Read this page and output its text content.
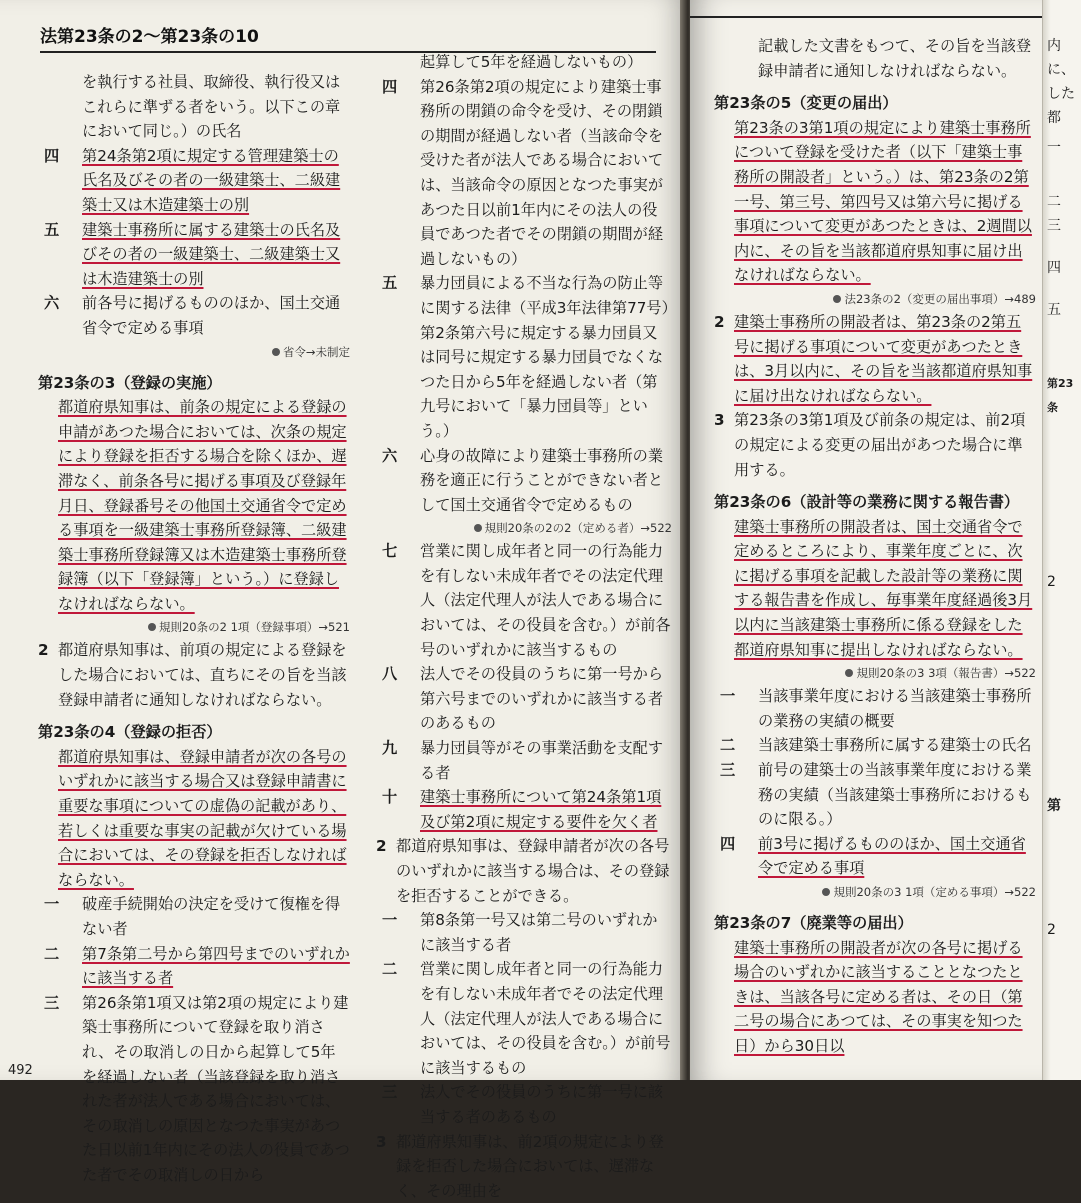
法第23条の2～第23条の10
を執行する社員、取締役、執行役又はこれらに準ずる者をいう。以下この章において同じ。）の氏名
四	第24条第2項に規定する管理建築士の氏名及びその者の一級建築士、二級建築士又は木造建築士の別
五	建築士事務所に属する建築士の氏名及びその者の一級建築士、二級建築士又は木造建築士の別
六	前各号に掲げるもののほか、国土交通省令で定める事項
省令→未制定
第23条の3（登録の実施）
都道府県知事は、前条の規定による登録の申請があつた場合においては、次条の規定により登録を拒否する場合を除くほか、遅滞なく、前条各号に掲げる事項及び登録年月日、登録番号その他国土交通省令で定める事項を一級建築士事務所登録簿、二級建築士事務所登録簿又は木造建築士事務所登録簿（以下「登録簿」という。）に登録しなければならない。
規則20条の2 1項（登録事項）→521
2 都道府県知事は、前項の規定による登録をした場合においては、直ちにその旨を当該登録申請者に通知しなければならない。
第23条の4（登録の拒否）
都道府県知事は、登録申請者が次の各号のいずれかに該当する場合又は登録申請書に重要な事項についての虚偽の記載があり、若しくは重要な事実の記載が欠けている場合においては、その登録を拒否しなければならない。
一	破産手続開始の決定を受けて復権を得ない者
二	第7条第二号から第四号までのいずれかに該当する者
三	第26条第1項又は第2項の規定により建築士事務所について登録を取り消され、その取消しの日から起算して5年を経過しない者（当該登録を取り消された者が法人である場合においては、その取消しの原因となつた事実があつた日以前1年内にその法人の役員であつた者でその取消しの日から
起算して5年を経過しないもの）
四	第26条第2項の規定により建築士事務所の閉鎖の命令を受け、その閉鎖の期間が経過しない者（当該命令を受けた者が法人である場合においては、当該命令の原因となつた事実があつた日以前1年内にその法人の役員であつた者でその閉鎖の期間が経過しないもの）
五	暴力団員による不当な行為の防止等に関する法律（平成3年法律第77号）第2条第六号に規定する暴力団員又は同号に規定する暴力団員でなくなつた日から5年を経過しない者（第九号において「暴力団員等」という。）
六	心身の故障により建築士事務所の業務を適正に行うことができない者として国土交通省令で定めるもの
規則20条の2の2（定める者）→522
七	営業に関し成年者と同一の行為能力を有しない未成年者でその法定代理人（法定代理人が法人である場合においては、その役員を含む。）が前各号のいずれかに該当するもの
八	法人でその役員のうちに第一号から第六号までのいずれかに該当する者のあるもの
九	暴力団員等がその事業活動を支配する者
十	建築士事務所について第24条第1項及び第2項に規定する要件を欠く者
2 都道府県知事は、登録申請者が次の各号のいずれかに該当する場合は、その登録を拒否することができる。
一	第8条第一号又は第二号のいずれかに該当する者
二	営業に関し成年者と同一の行為能力を有しない未成年者でその法定代理人（法定代理人が法人である場合においては、その役員を含む。）が前号に該当するもの
三	法人でその役員のうちに第一号に該当する者のあるもの
3 都道府県知事は、前2項の規定により登録を拒否した場合においては、遅滞なく、その理由を
492
記載した文書をもつて、その旨を当該登録申請者に通知しなければならない。
第23条の5（変更の届出）
第23条の3第1項の規定により建築士事務所について登録を受けた者（以下「建築士事務所の開設者」という。）は、第23条の2第一号、第三号、第四号又は第六号に掲げる事項について変更があつたときは、2週間以内に、その旨を当該都道府県知事に届け出なければならない。
法23条の2（変更の届出事項）→489
2 建築士事務所の開設者は、第23条の2第五号に掲げる事項について変更があつたときは、3月以内に、その旨を当該都道府県知事に届け出なければならない。
3 第23条の3第1項及び前条の規定は、前2項の規定による変更の届出があつた場合に準用する。
第23条の6（設計等の業務に関する報告書）
建築士事務所の開設者は、国土交通省令で定めるところにより、事業年度ごとに、次に掲げる事項を記載した設計等の業務に関する報告書を作成し、毎事業年度経過後3月以内に当該建築士事務所に係る登録をした都道府県知事に提出しなければならない。
規則20条の3 3項（報告書）→522
一	当該事業年度における当該建築士事務所の業務の実績の概要
二	当該建築士事務所に属する建築士の氏名
三	前号の建築士の当該事業年度における業務の実績（当該建築士事務所におけるものに限る。）
四	前3号に掲げるもののほか、国土交通省令で定める事項
規則20条の3 1項（定める事項）→522
第23条の7（廃業等の届出）
建築士事務所の開設者が次の各号に掲げる場合のいずれかに該当することとなつたときは、当該各号に定める者は、その日（第二号の場合にあつては、その事実を知つた日）から30日以
内に、
した都
一
二
三
四
五
第23条
2
第
2
